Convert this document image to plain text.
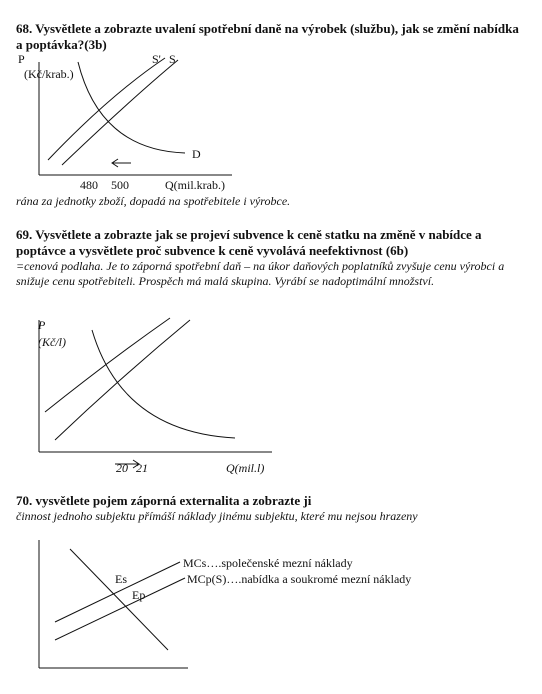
68. Vysvětlete a zobrazte uvalení spotřební daně na výrobek (službu), jak se změní nabídka a poptávka?(3b)
P
(Kč/krab.)
S' S
D
480 500	Q(mil.krab.)
ránа za jednotky zboží, dopadá na spotřebitele i výrobce.
69. Vysvětlete a zobrazte jak se projeví subvence k ceně statku na změně v nabídce a poptávce a vysvětlete proč subvence k ceně vyvolává neefektivnost (6b)
=cenová podlaha. Je to záporná spotřební daň – na úkor daňových poplatníků zvyšuje cenu výrobci a snižuje cenu spotřebiteli. Prospěch má malá skupina. Vyrábí se nadoptimální množství.
P
(Kč/l)
20 21	Q(mil.l)
70. vysvětlete pojem záporná externalita a zobrazte ji
činnost jednoho subjektu přímáší náklady jinému subjektu, které mu nejsou hrazeny
MCs….společenské mezní náklady
MCp(S)….nabídka a soukromé mezní náklady
Es
Ep
